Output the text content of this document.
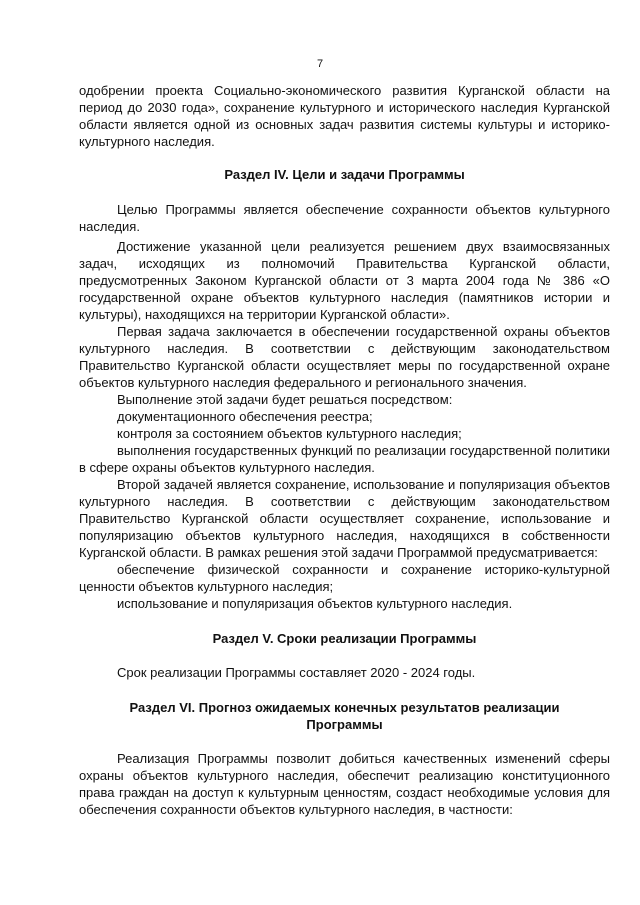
7

одобрении проекта Социально-экономического развития Курганской области на период до 2030 года», сохранение культурного и исторического наследия Курганской области является одной из основных задач развития системы культуры и историко-культурного наследия.

Раздел IV. Цели и задачи Программы

Целью Программы является обеспечение сохранности объектов культурного наследия.

Достижение указанной цели реализуется решением двух взаимосвязанных задач, исходящих из полномочий Правительства Курганской области, предусмотренных Законом Курганской области от 3 марта 2004 года № 386 «О государственной охране объектов культурного наследия (памятников истории и культуры), находящихся на территории Курганской области».

Первая задача заключается в обеспечении государственной охраны объектов культурного наследия. В соответствии с действующим законодательством Правительство Курганской области осуществляет меры по государственной охране объектов культурного наследия федерального и регионального значения.

Выполнение этой задачи будет решаться посредством:

документационного обеспечения реестра;

контроля за состоянием объектов культурного наследия;

выполнения государственных функций по реализации государственной политики в сфере охраны объектов культурного наследия.

Второй задачей является сохранение, использование и популяризация объектов культурного наследия. В соответствии с действующим законодательством Правительство Курганской области осуществляет сохранение, использование и популяризацию объектов культурного наследия, находящихся в собственности Курганской области. В рамках решения этой задачи Программой предусматривается:

обеспечение физической сохранности и сохранение историко-культурной ценности объектов культурного наследия;

использование и популяризация объектов культурного наследия.

Раздел V. Сроки реализации Программы

Срок реализации Программы составляет 2020 - 2024 годы.

Раздел VI. Прогноз ожидаемых конечных результатов реализации Программы

Реализация Программы позволит добиться качественных изменений сферы охраны объектов культурного наследия, обеспечит реализацию конституционного права граждан на доступ к культурным ценностям, создаст необходимые условия для обеспечения сохранности объектов культурного наследия, в частности:
